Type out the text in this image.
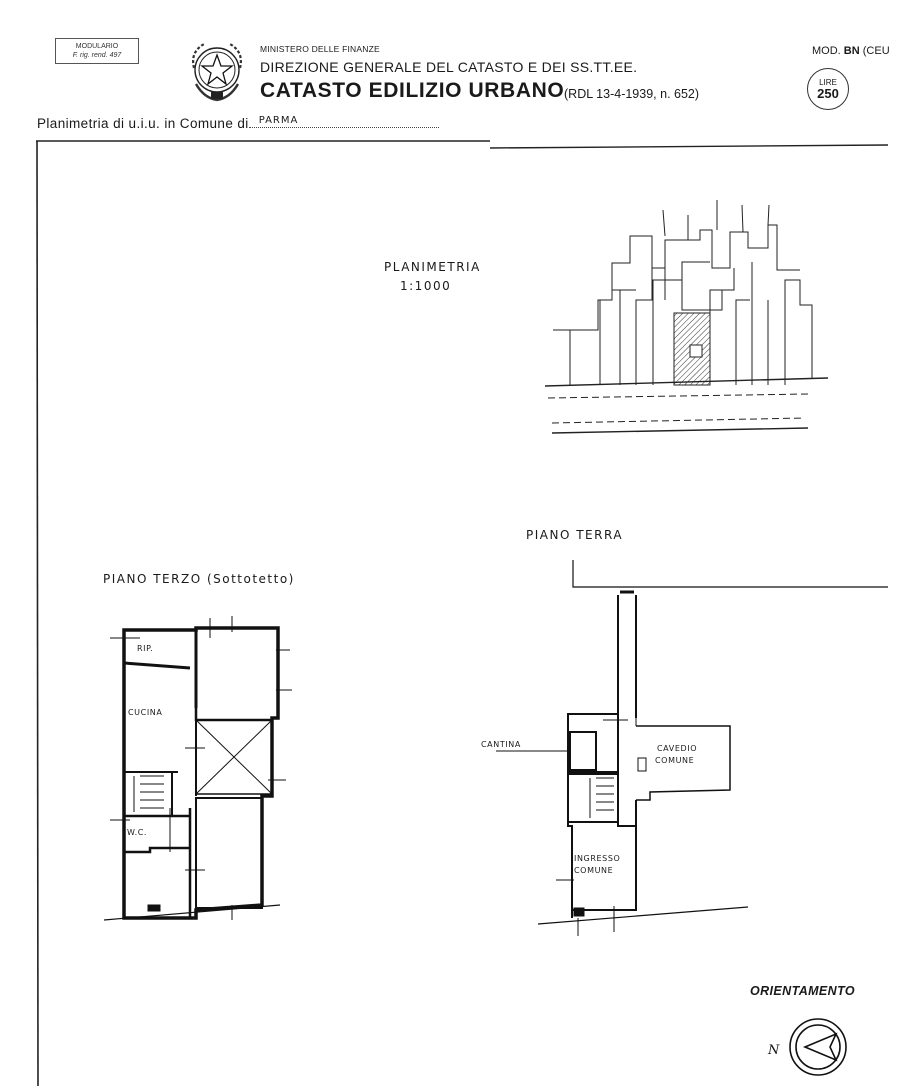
MODULARIO
F. rig. rend. 497
MINISTERO DELLE FINANZE
DIREZIONE GENERALE DEL CATASTO E DEI SS.TT.EE.
CATASTO EDILIZIO URBANO (RDL 13-4-1939, n. 652)
MOD. BN (CEU
LIRE
250
Planimetria di u.i.u. in Comune di PARMA
N
PLANIMETRIA
1:1000
PIANO TERRA
PIANO TERZO (Sottotetto)
RIP.
CUCINA
W.C.
CANTINA	CAVEDIO
COMUNE
INGRESSO
COMUNE
ORIENTAMENTO
